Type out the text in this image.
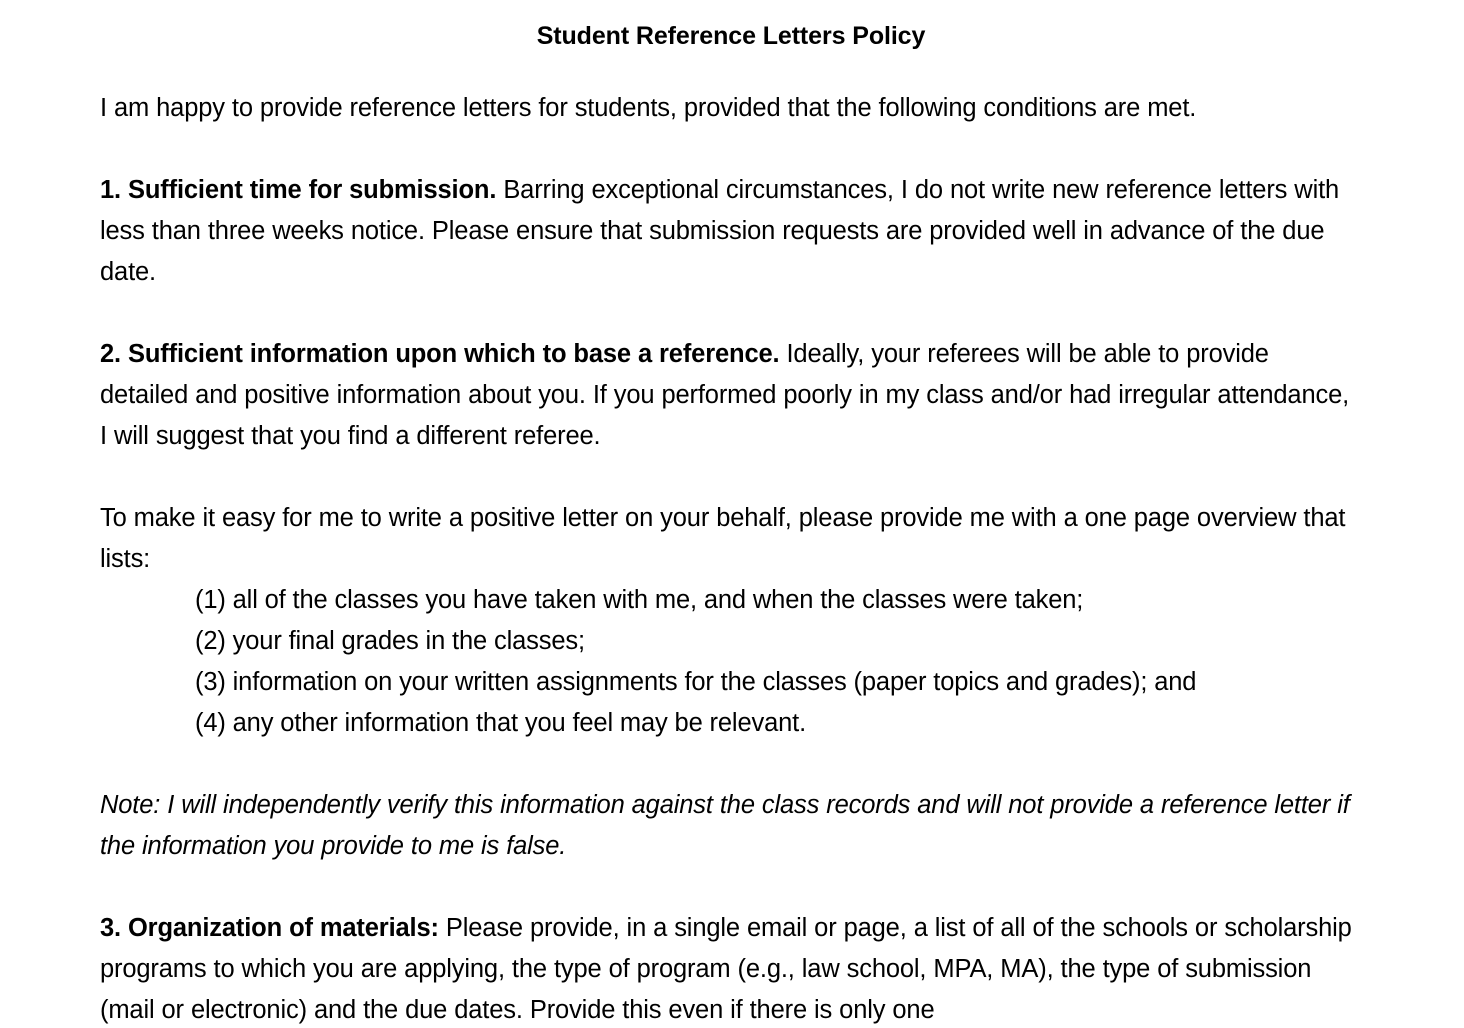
Student Reference Letters Policy

I am happy to provide reference letters for students, provided that the following conditions are met.

1. Sufficient time for submission. Barring exceptional circumstances, I do not write new reference letters with less than three weeks notice. Please ensure that submission requests are provided well in advance of the due date.

2. Sufficient information upon which to base a reference. Ideally, your referees will be able to provide detailed and positive information about you. If you performed poorly in my class and/or had irregular attendance, I will suggest that you find a different referee.

To make it easy for me to write a positive letter on your behalf, please provide me with a one page overview that lists:

(1) all of the classes you have taken with me, and when the classes were taken;
(2) your final grades in the classes;
(3) information on your written assignments for the classes (paper topics and grades); and
(4) any other information that you feel may be relevant.

Note: I will independently verify this information against the class records and will not provide a reference letter if the information you provide to me is false.

3. Organization of materials: Please provide, in a single email or page, a list of all of the schools or scholarship programs to which you are applying, the type of program (e.g., law school, MPA, MA), the type of submission (mail or electronic) and the due dates. Provide this even if there is only one
